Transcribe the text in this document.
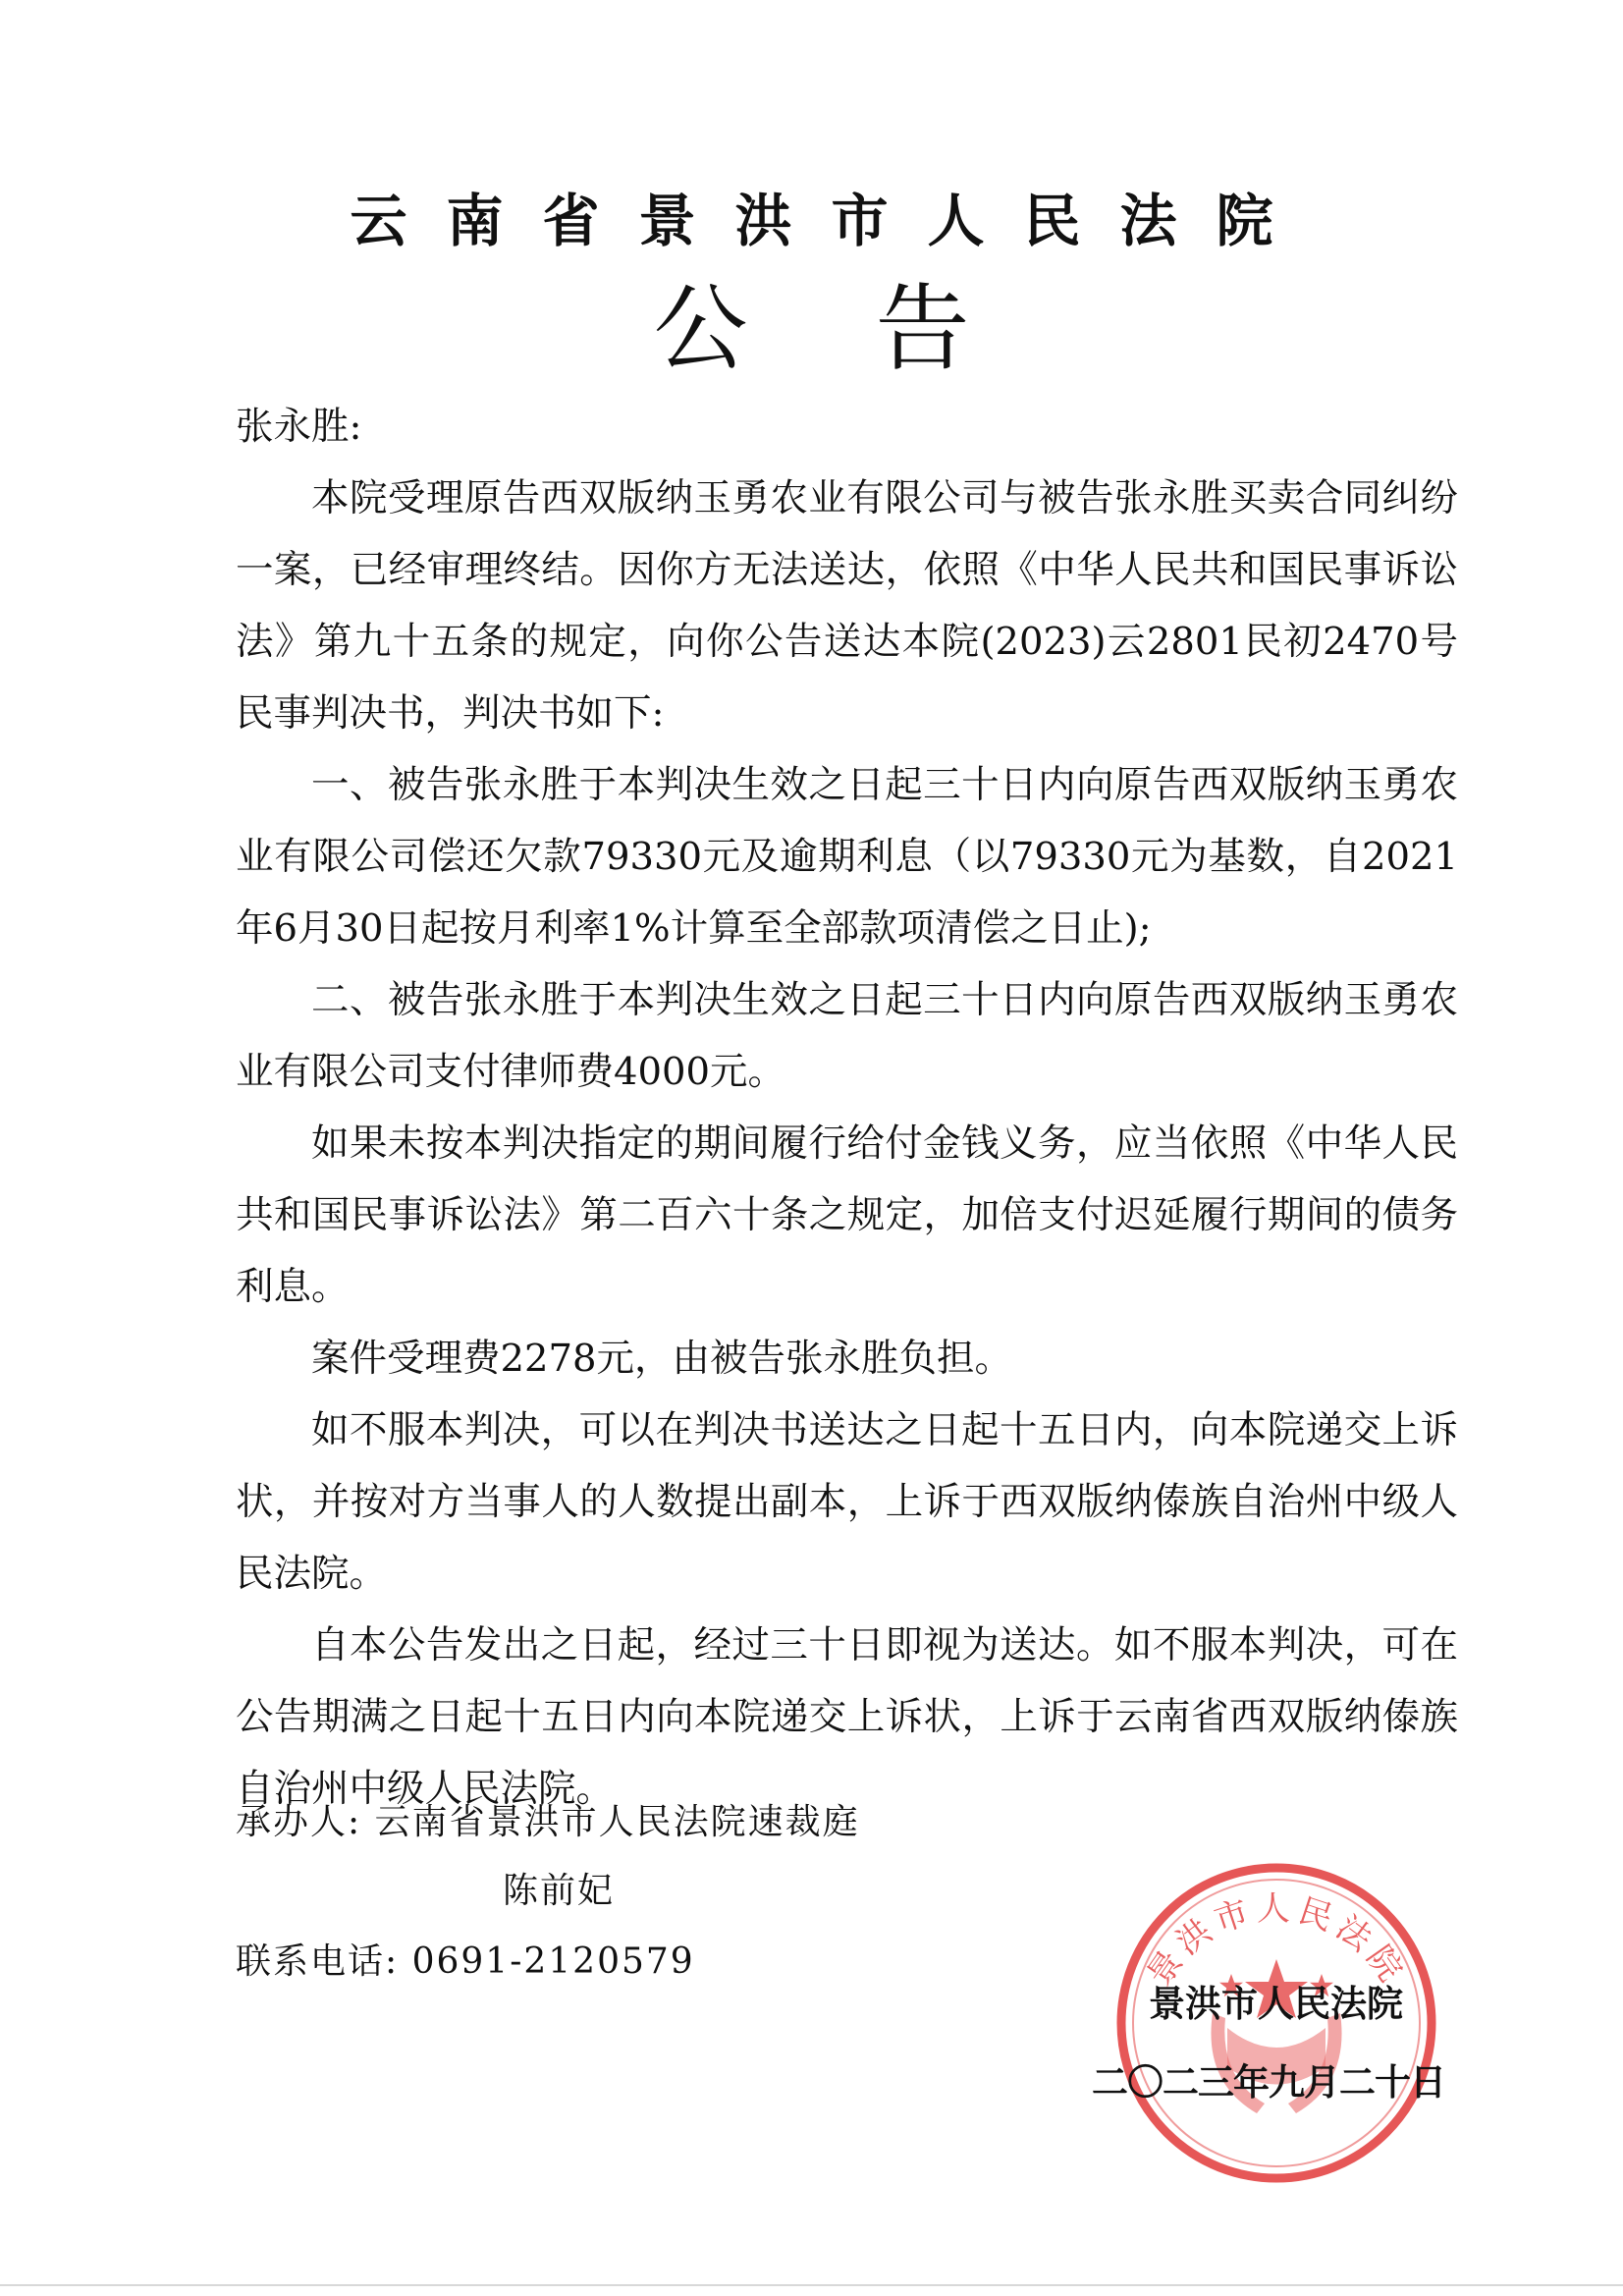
云南省景洪市人民法院
公告

张永胜:

本院受理原告西双版纳玉勇农业有限公司与被告张永胜买卖合同纠纷一案，已经审理终结。因你方无法送达，依照《中华人民共和国民事诉讼法》第九十五条的规定，向你公告送达本院(2023)云2801民初2470号民事判决书，判决书如下:

一、被告张永胜于本判决生效之日起三十日内向原告西双版纳玉勇农业有限公司偿还欠款79330元及逾期利息（以79330元为基数，自2021年6月30日起按月利率1%计算至全部款项清偿之日止);

二、被告张永胜于本判决生效之日起三十日内向原告西双版纳玉勇农业有限公司支付律师费4000元。

如果未按本判决指定的期间履行给付金钱义务，应当依照《中华人民共和国民事诉讼法》第二百六十条之规定，加倍支付迟延履行期间的债务利息。

案件受理费2278元，由被告张永胜负担。

如不服本判决，可以在判决书送达之日起十五日内，向本院递交上诉状，并按对方当事人的人数提出副本，上诉于西双版纳傣族自治州中级人民法院。

自本公告发出之日起，经过三十日即视为送达。如不服本判决，可在公告期满之日起十五日内向本院递交上诉状，上诉于云南省西双版纳傣族自治州中级人民法院。

承办人: 云南省景洪市人民法院速裁庭
陈前妃
联系电话: 0691-2120579	景洪市人民法院
景洪市人民法院
二〇二三年九月二十日
